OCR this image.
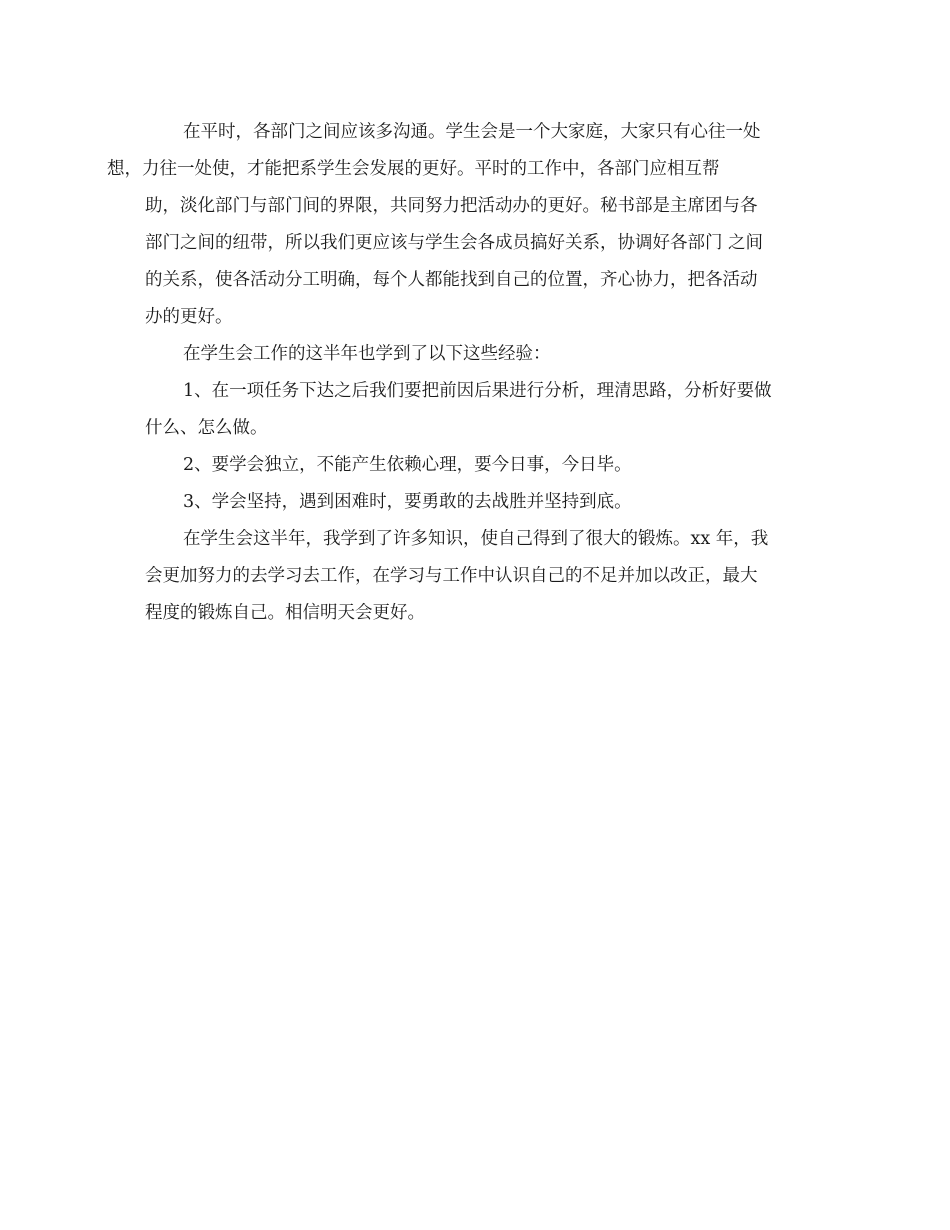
在平时，各部门之间应该多沟通。学生会是一个大家庭，大家只有心往一处
想，力往一处使，才能把系学生会发展的更好。平时的工作中，各部门应相互帮
助，淡化部门与部门间的界限，共同努力把活动办的更好。秘书部是主席团与各
部门之间的纽带，所以我们更应该与学生会各成员搞好关系，协调好各部门 之间
的关系，使各活动分工明确，每个人都能找到自己的位置，齐心协力，把各活动
办的更好。

在学生会工作的这半年也学到了以下这些经验：

1、在一项任务下达之后我们要把前因后果进行分析，理清思路，分析好要做
什么、怎么做。

2、要学会独立，不能产生依赖心理，要今日事，今日毕。

3、学会坚持，遇到困难时，要勇敢的去战胜并坚持到底。

在学生会这半年，我学到了许多知识，使自己得到了很大的锻炼。xx 年，我
会更加努力的去学习去工作，在学习与工作中认识自己的不足并加以改正，最大
程度的锻炼自己。相信明天会更好。
